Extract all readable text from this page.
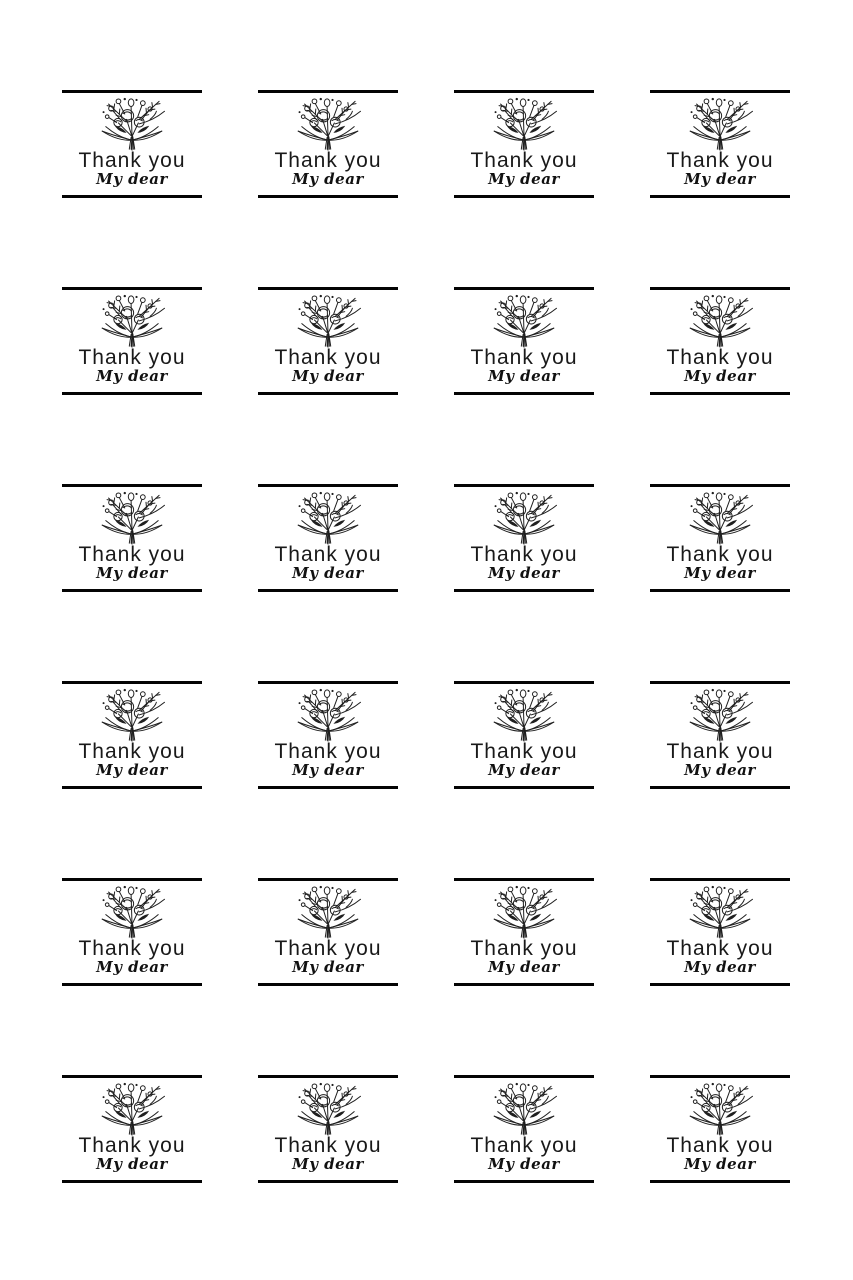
Thank you
My dear
Thank you
My dear
Thank you
My dear
Thank you
My dear
Thank you
My dear
Thank you
My dear
Thank you
My dear
Thank you
My dear
Thank you
My dear
Thank you
My dear
Thank you
My dear
Thank you
My dear
Thank you
My dear
Thank you
My dear
Thank you
My dear
Thank you
My dear
Thank you
My dear
Thank you
My dear
Thank you
My dear
Thank you
My dear
Thank you
My dear
Thank you
My dear
Thank you
My dear
Thank you
My dear
